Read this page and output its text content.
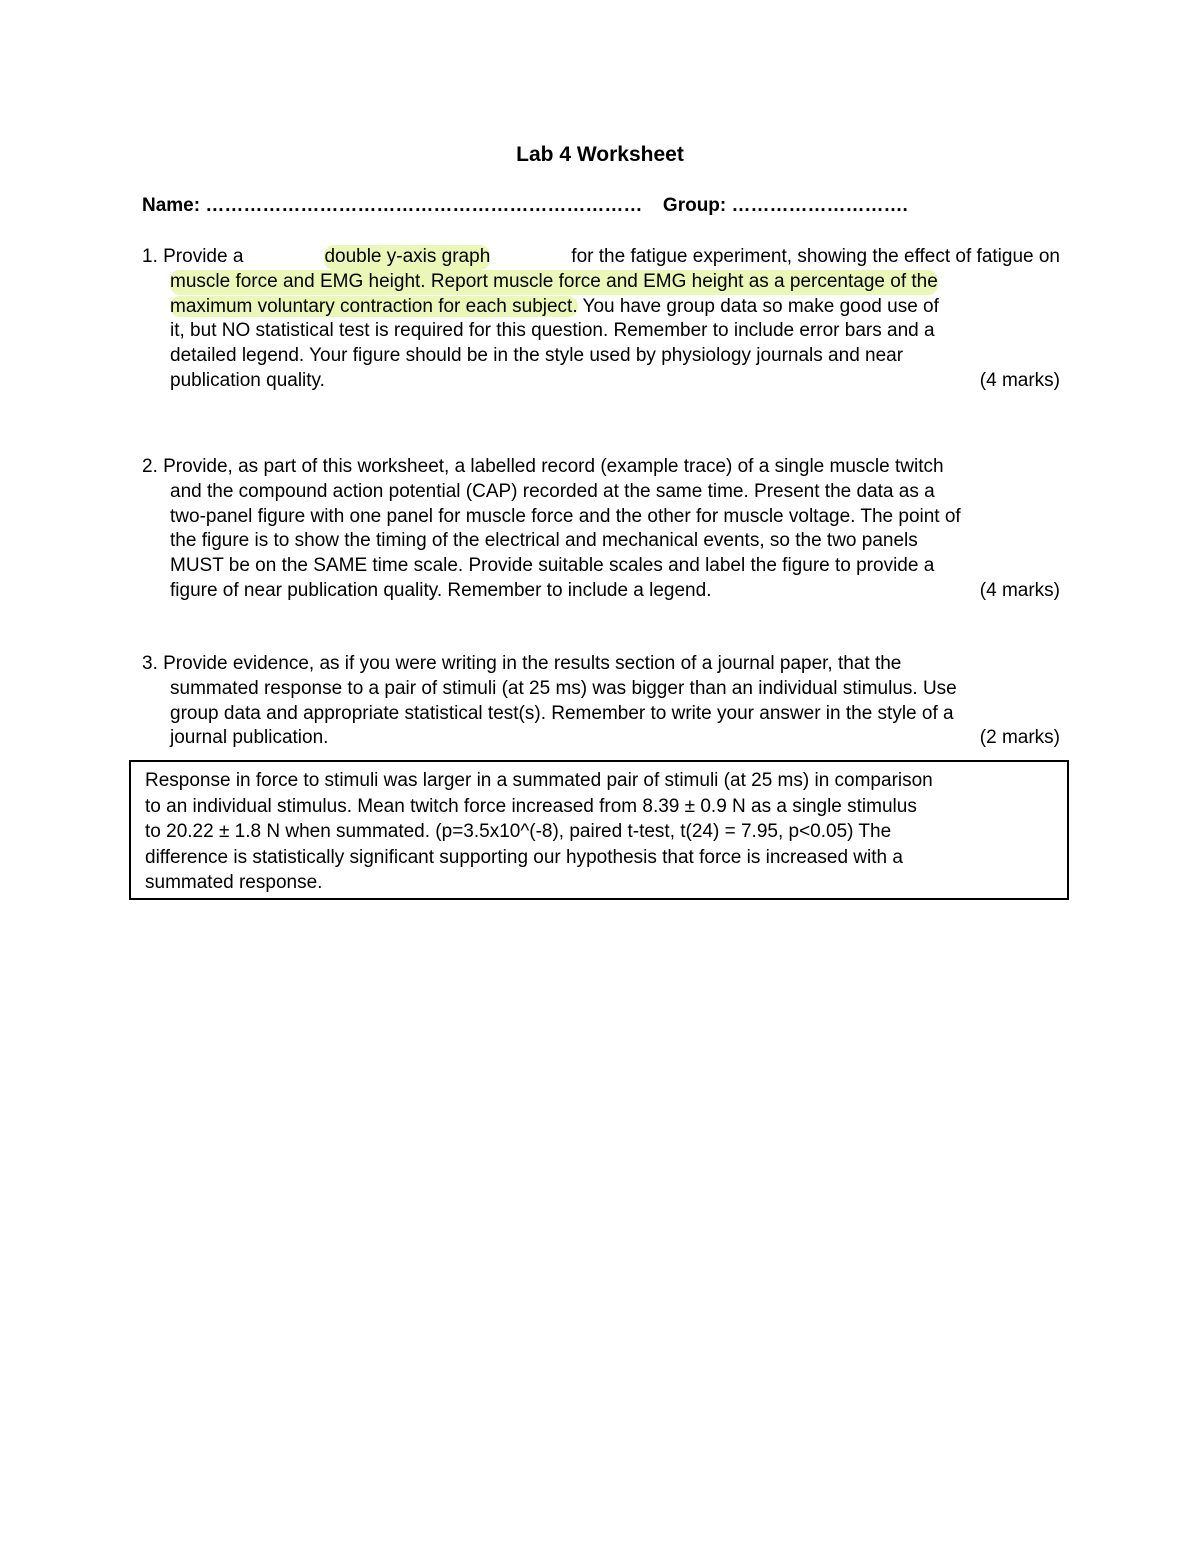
Lab 4 Worksheet
Name: …………………………………………………………… Group: ……………………….
1. Provide a	double y-axis graph	for the fatigue experiment, showing the effect of fatigue on
muscle force and EMG height. Report muscle force and EMG height as a percentage of the
maximum voluntary contraction for each subject. You have group data so make good use of
it, but NO statistical test is required for this question. Remember to include error bars and a
detailed legend. Your figure should be in the style used by physiology journals and near
publication quality.	(4 marks)
2. Provide, as part of this worksheet, a labelled record (example trace) of a single muscle twitch
and the compound action potential (CAP) recorded at the same time. Present the data as a
two-panel figure with one panel for muscle force and the other for muscle voltage. The point of
the figure is to show the timing of the electrical and mechanical events, so the two panels
MUST be on the SAME time scale. Provide suitable scales and label the figure to provide a
figure of near publication quality. Remember to include a legend.	(4 marks)
3. Provide evidence, as if you were writing in the results section of a journal paper, that the
summated response to a pair of stimuli (at 25 ms) was bigger than an individual stimulus. Use
group data and appropriate statistical test(s). Remember to write your answer in the style of a
journal publication.	(2 marks)
Response in force to stimuli was larger in a summated pair of stimuli (at 25 ms) in comparison
to an individual stimulus. Mean twitch force increased from 8.39 ± 0.9 N as a single stimulus
to 20.22 ± 1.8 N when summated. (p=3.5x10^(-8), paired t-test, t(24) = 7.95, p<0.05) The
difference is statistically significant supporting our hypothesis that force is increased with a
summated response.
